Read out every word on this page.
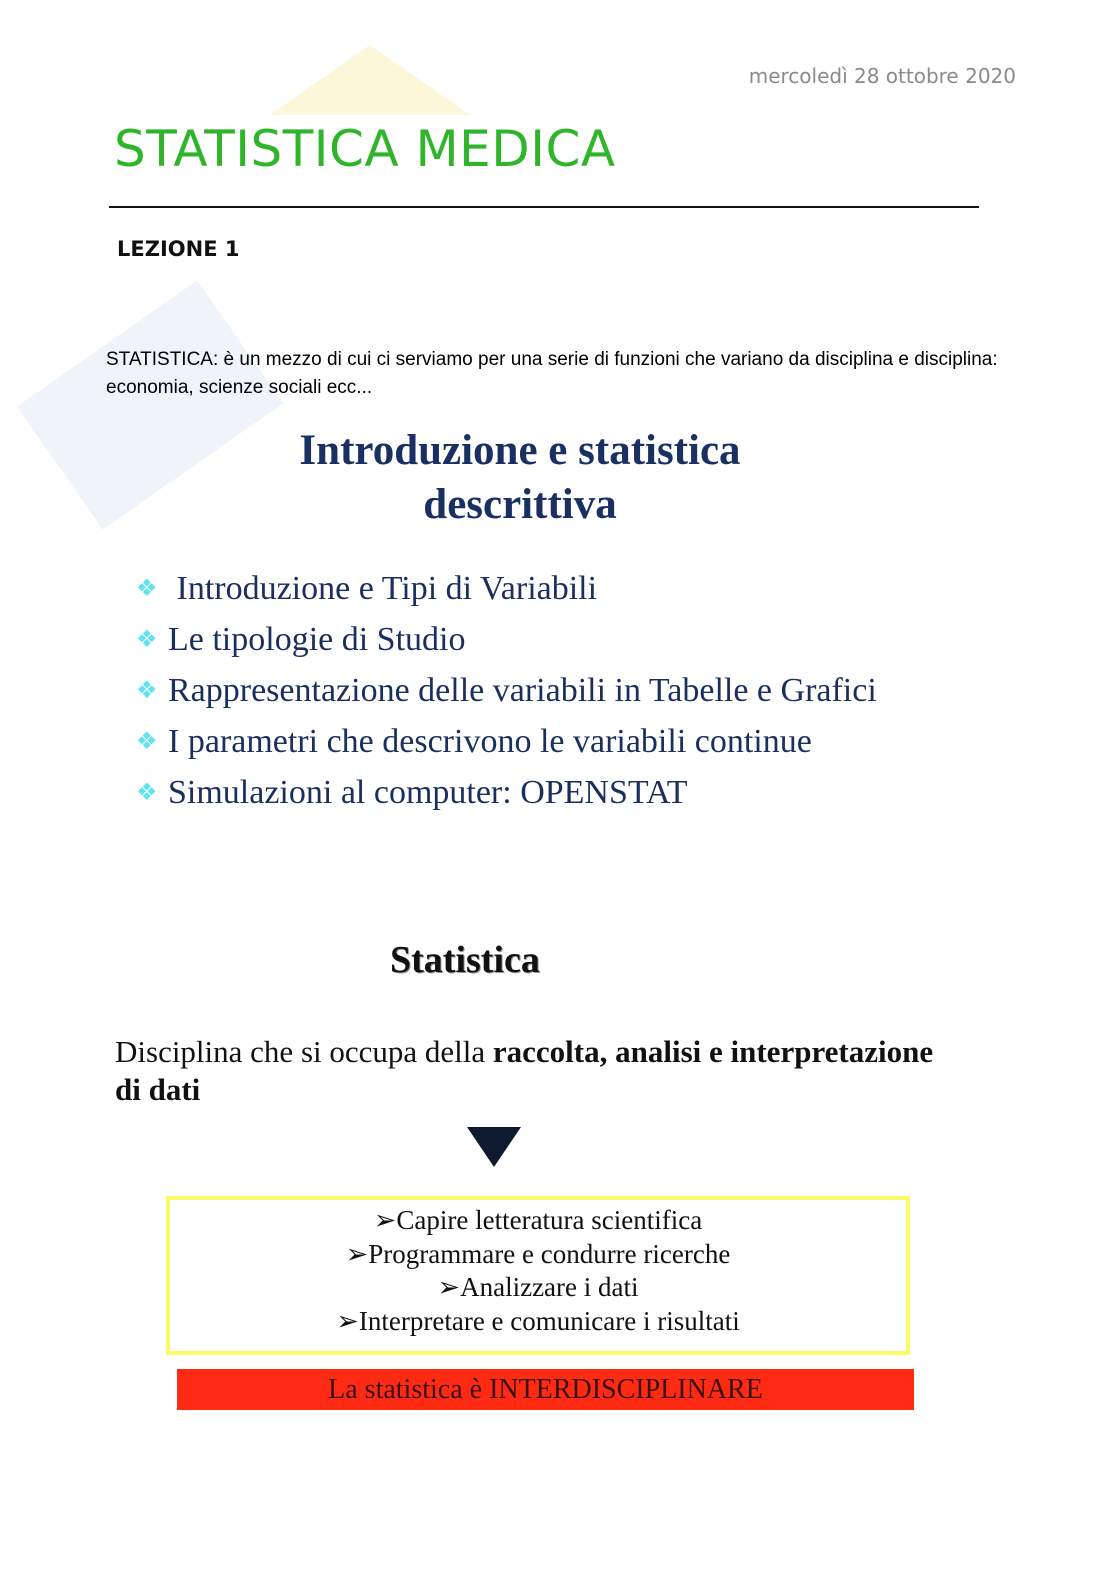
mercoledì 28 ottobre 2020
STATISTICA MEDICA
LEZIONE 1
STATISTICA: è un mezzo di cui ci serviamo per una serie di funzioni che variano da disciplina e disciplina: economia, scienze sociali ecc...
Introduzione e statistica
descrittiva
❖ Introduzione e Tipi di Variabili
❖ Le tipologie di Studio
❖ Rappresentazione delle variabili in Tabelle e Grafici
❖ I parametri che descrivono le variabili continue
❖ Simulazioni al computer: OPENSTAT
Statistica
Disciplina che si occupa della raccolta, analisi e interpretazione di dati
➢Capire letteratura scientifica
➢Programmare e condurre ricerche
➢Analizzare i dati
➢Interpretare e comunicare i risultati
La statistica è INTERDISCIPLINARE
